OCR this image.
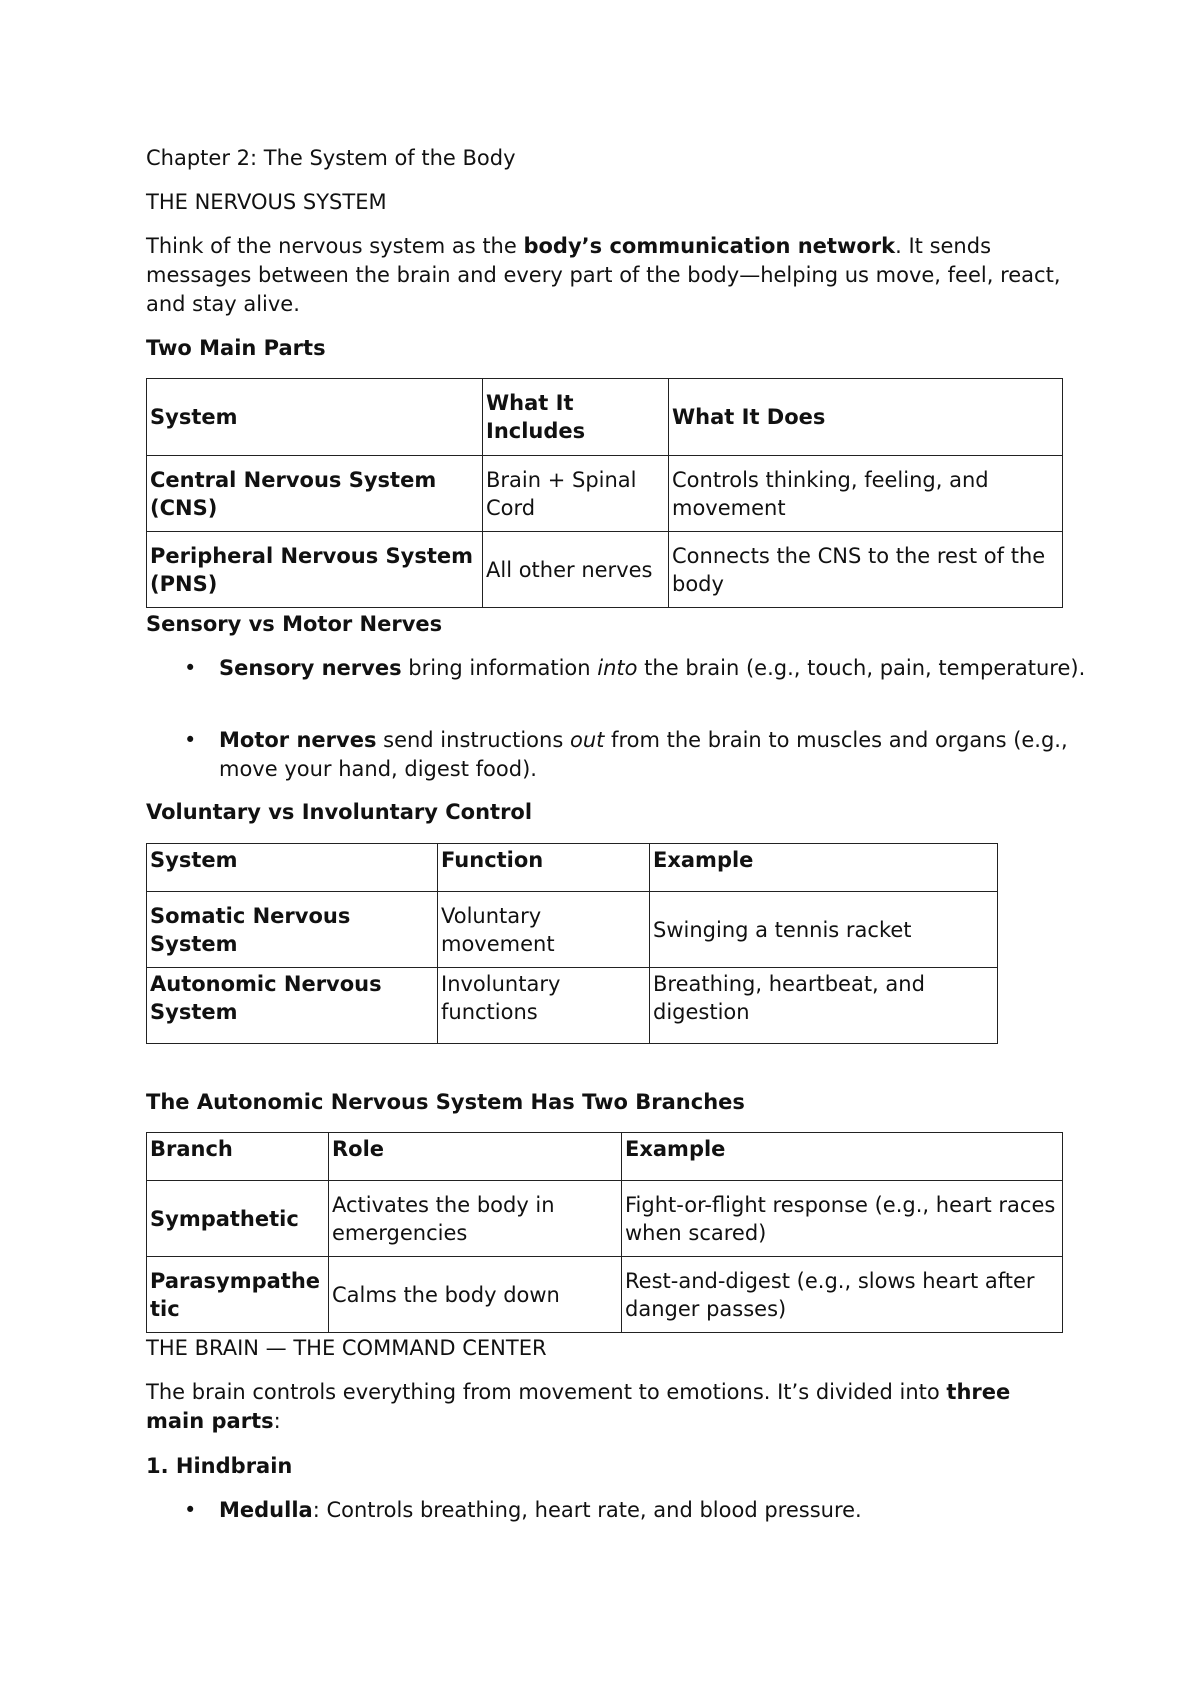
Chapter 2: The System of the Body

THE NERVOUS SYSTEM

Think of the nervous system as the body’s communication network. It sends messages between the brain and every part of the body—helping us move, feel, react, and stay alive.

Two Main Parts

System	What It Includes	What It Does
Central Nervous System (CNS)	Brain + Spinal Cord	Controls thinking, feeling, and movement
Peripheral Nervous System (PNS)	All other nerves	Connects the CNS to the rest of the body

Sensory vs Motor Nerves

• Sensory nerves bring information into the brain (e.g., touch, pain, temperature).

• Motor nerves send instructions out from the brain to muscles and organs (e.g., move your hand, digest food).

Voluntary vs Involuntary Control

System	Function	Example
Somatic Nervous System	Voluntary movement	Swinging a tennis racket
Autonomic Nervous System	Involuntary functions	Breathing, heartbeat, and digestion

The Autonomic Nervous System Has Two Branches

Branch	Role	Example
Sympathetic	Activates the body in emergencies	Fight-or-flight response (e.g., heart races when scared)
Parasympathetic	Calms the body down	Rest-and-digest (e.g., slows heart after danger passes)

THE BRAIN — THE COMMAND CENTER

The brain controls everything from movement to emotions. It’s divided into three main parts:

1. Hindbrain

• Medulla: Controls breathing, heart rate, and blood pressure.
